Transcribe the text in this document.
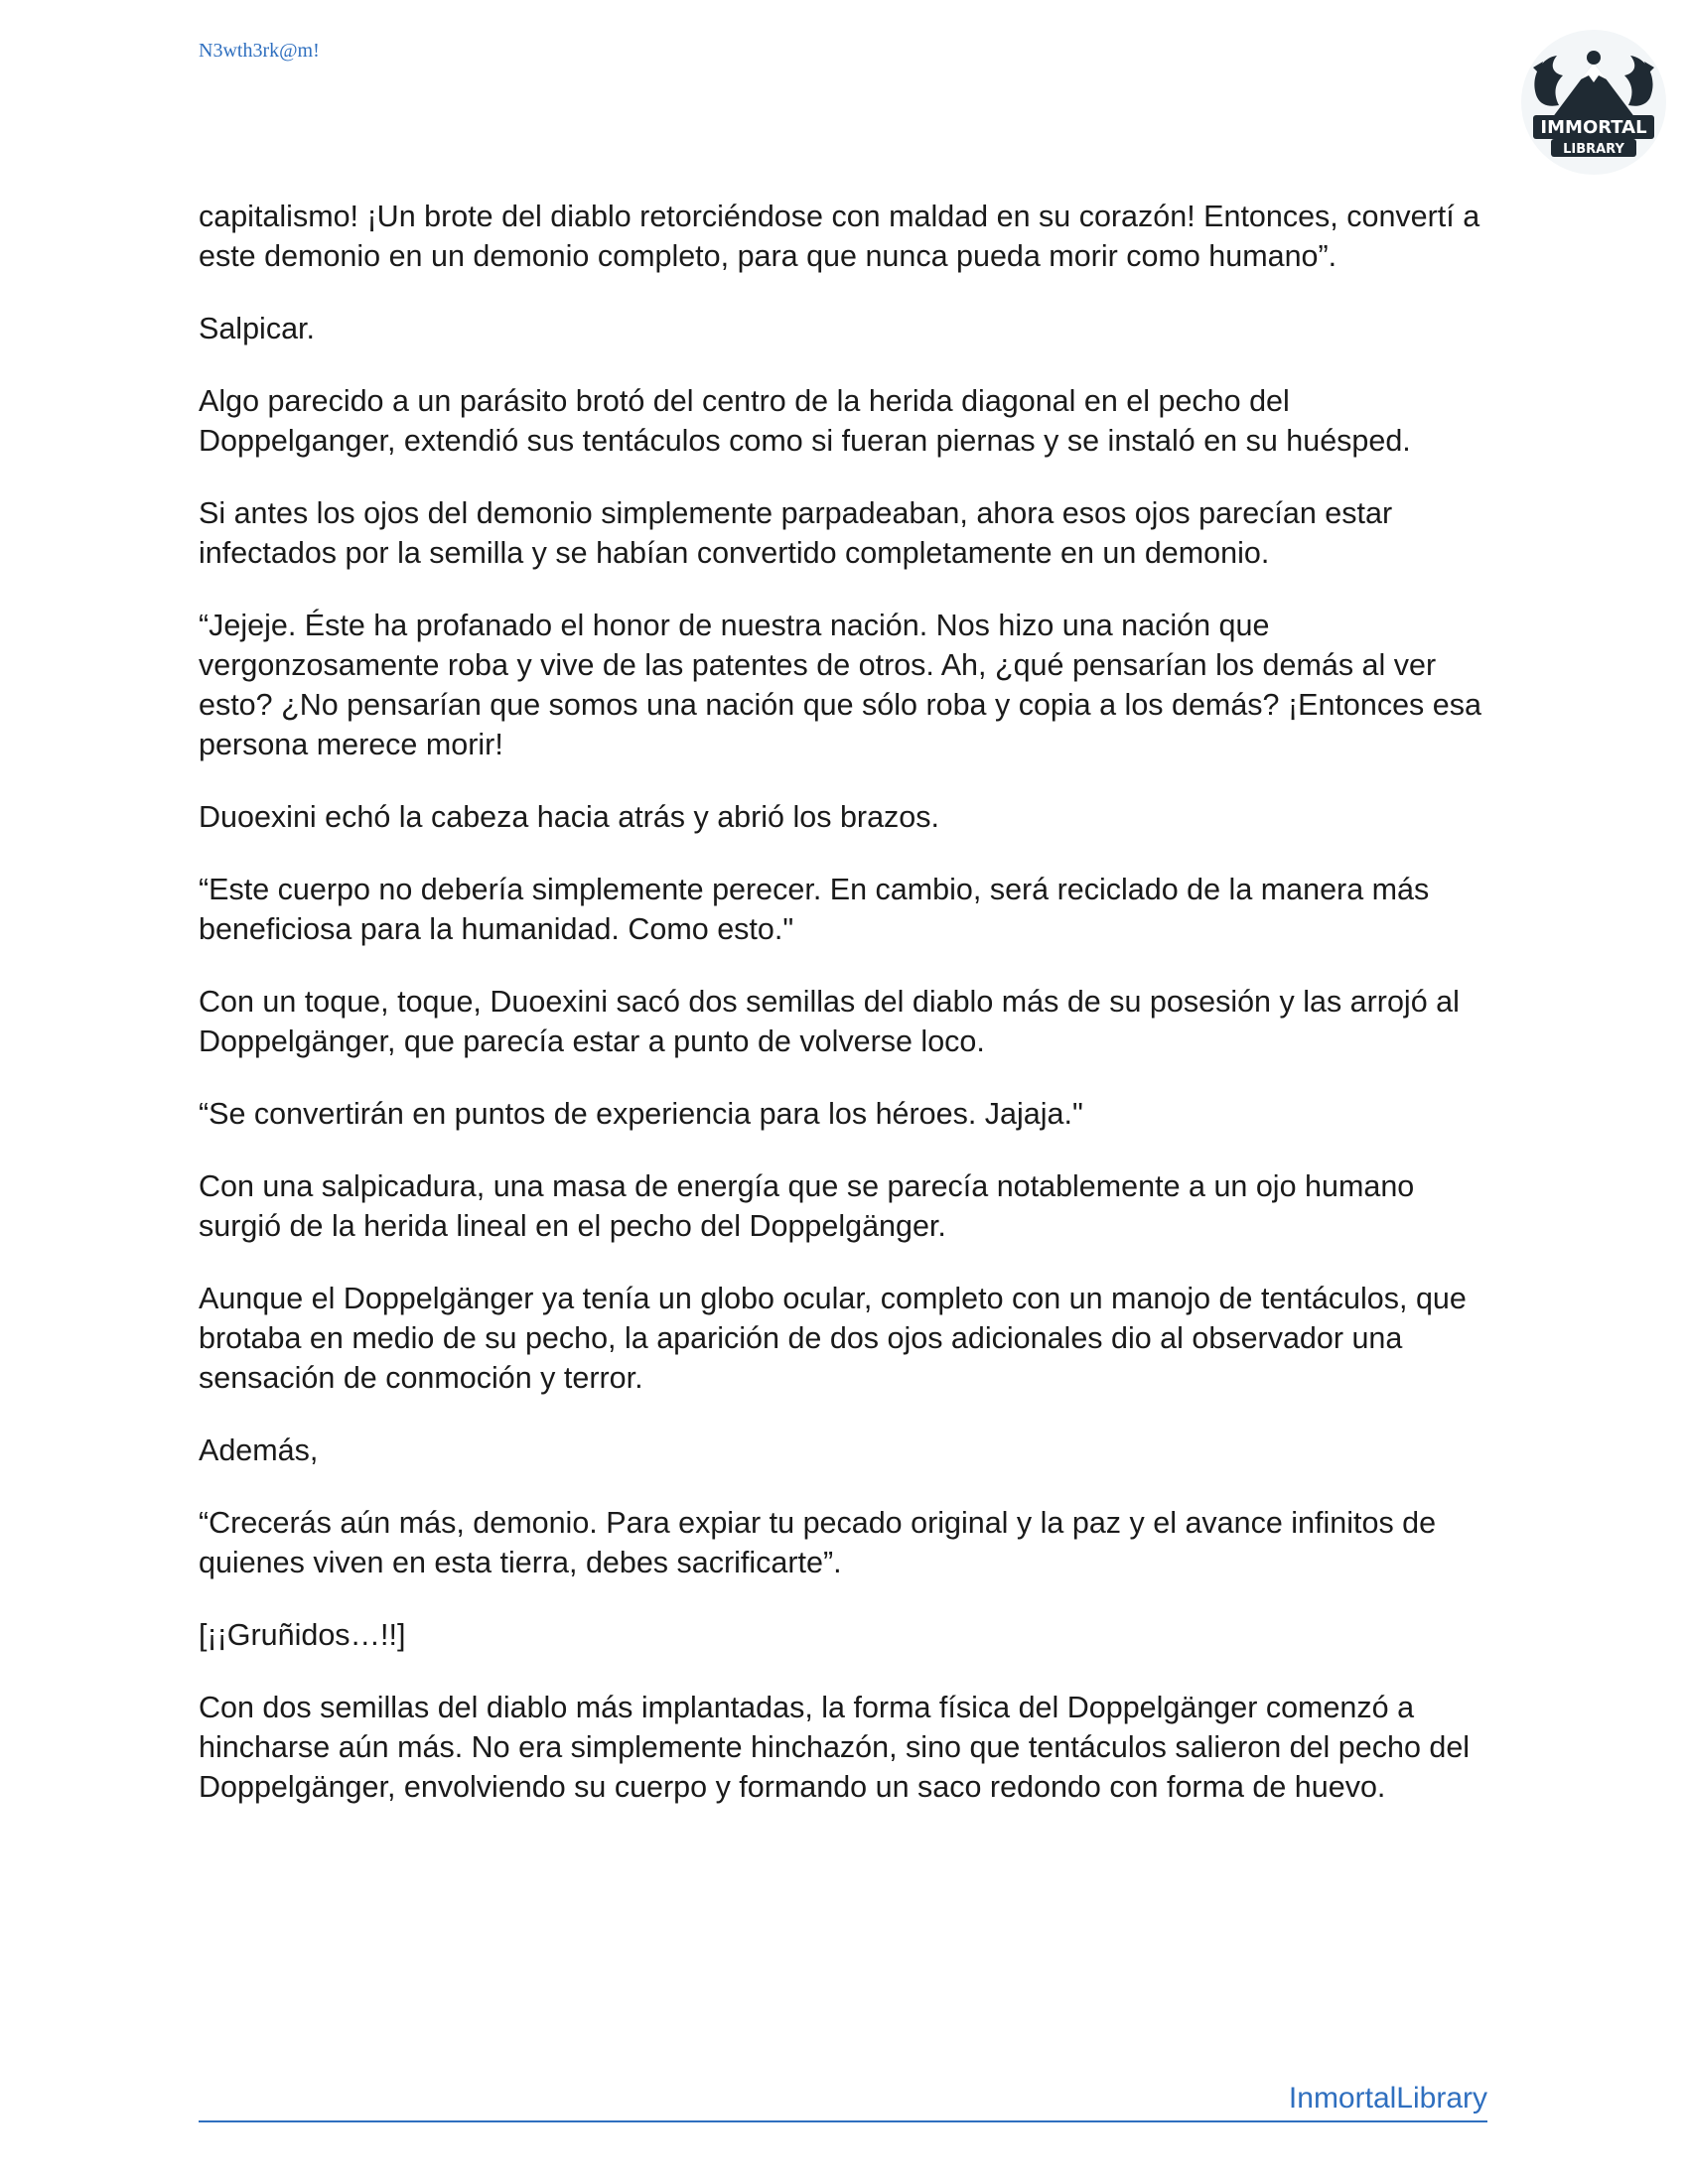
N3wth3rk@m!
IMMORTAL
LIBRARY

capitalismo! ¡Un brote del diablo retorciéndose con maldad en su corazón! Entonces, convertí a este demonio en un demonio completo, para que nunca pueda morir como humano”.

Salpicar.

Algo parecido a un parásito brotó del centro de la herida diagonal en el pecho del Doppelganger, extendió sus tentáculos como si fueran piernas y se instaló en su huésped.

Si antes los ojos del demonio simplemente parpadeaban, ahora esos ojos parecían estar infectados por la semilla y se habían convertido completamente en un demonio.

“Jejeje. Éste ha profanado el honor de nuestra nación. Nos hizo una nación que vergonzosamente roba y vive de las patentes de otros. Ah, ¿qué pensarían los demás al ver esto? ¿No pensarían que somos una nación que sólo roba y copia a los demás? ¡Entonces esa persona merece morir!

Duoexini echó la cabeza hacia atrás y abrió los brazos.

“Este cuerpo no debería simplemente perecer. En cambio, será reciclado de la manera más beneficiosa para la humanidad. Como esto."

Con un toque, toque, Duoexini sacó dos semillas del diablo más de su posesión y las arrojó al Doppelgänger, que parecía estar a punto de volverse loco.

“Se convertirán en puntos de experiencia para los héroes. Jajaja."

Con una salpicadura, una masa de energía que se parecía notablemente a un ojo humano surgió de la herida lineal en el pecho del Doppelgänger.

Aunque el Doppelgänger ya tenía un globo ocular, completo con un manojo de tentáculos, que brotaba en medio de su pecho, la aparición de dos ojos adicionales dio al observador una sensación de conmoción y terror.

Además,

“Crecerás aún más, demonio. Para expiar tu pecado original y la paz y el avance infinitos de quienes viven en esta tierra, debes sacrificarte”.

[¡¡Gruñidos…!!]

Con dos semillas del diablo más implantadas, la forma física del Doppelgänger comenzó a hincharse aún más. No era simplemente hinchazón, sino que tentáculos salieron del pecho del Doppelgänger, envolviendo su cuerpo y formando un saco redondo con forma de huevo.

InmortalLibrary
